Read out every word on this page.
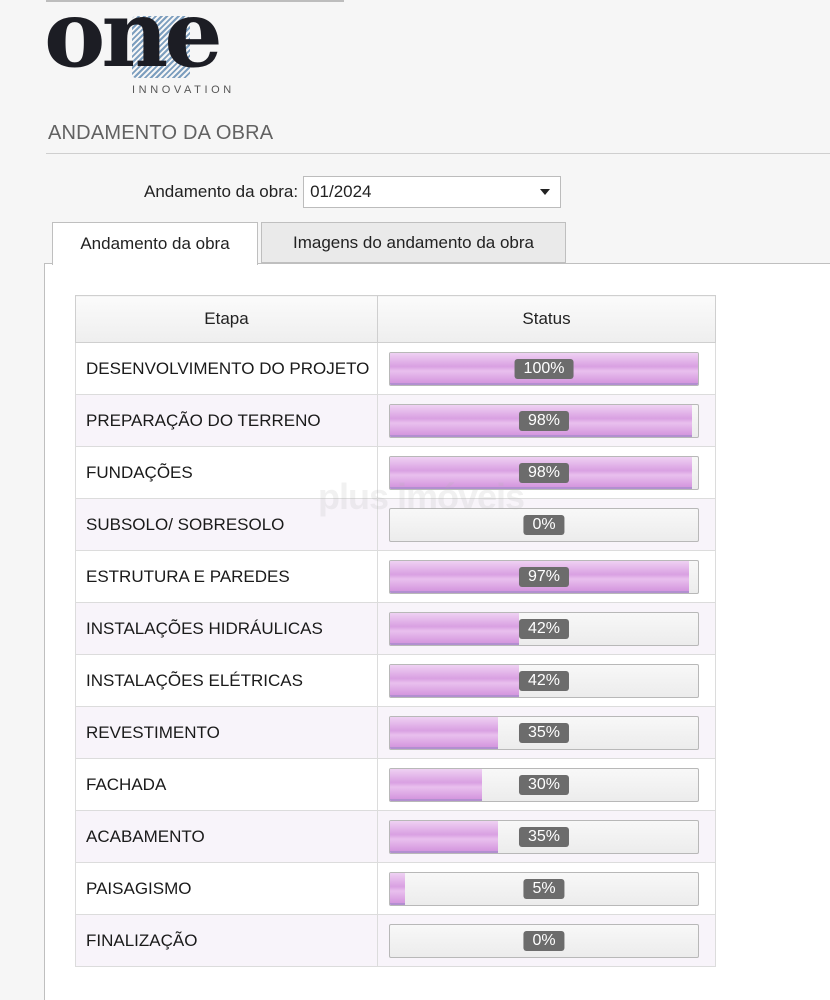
one
INNOVATION
ANDAMENTO DA OBRA
Andamento da obra: 01/2024
Andamento da obra	Imagens do andamento da obra
Etapa	Status
DESENVOLVIMENTO DO PROJETO	100%

PREPARAÇÃO DO TERRENO	98%

FUNDAÇÕES	98%

SUBSOLO/ SOBRESOLO	0%

ESTRUTURA E PAREDES	97%

INSTALAÇÕES HIDRÁULICAS	42%

INSTALAÇÕES ELÉTRICAS	42%

REVESTIMENTO	35%

FACHADA	30%

ACABAMENTO	35%

PAISAGISMO	5%

FINALIZAÇÃO	0%
